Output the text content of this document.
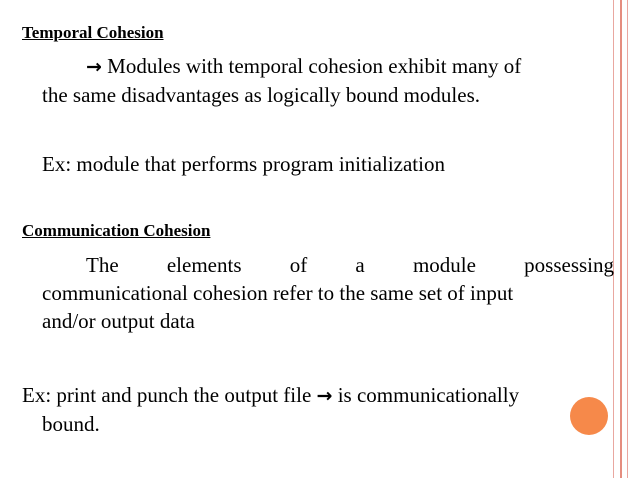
Temporal Cohesion
→ Modules with temporal cohesion exhibit many of
the same disadvantages as logically bound modules.
Ex: module that performs program initialization
Communication Cohesion
The elements of a module possessing
communicational cohesion refer to the same set of input
and/or output data
Ex: print and punch the output file → is communicationally
bound.
